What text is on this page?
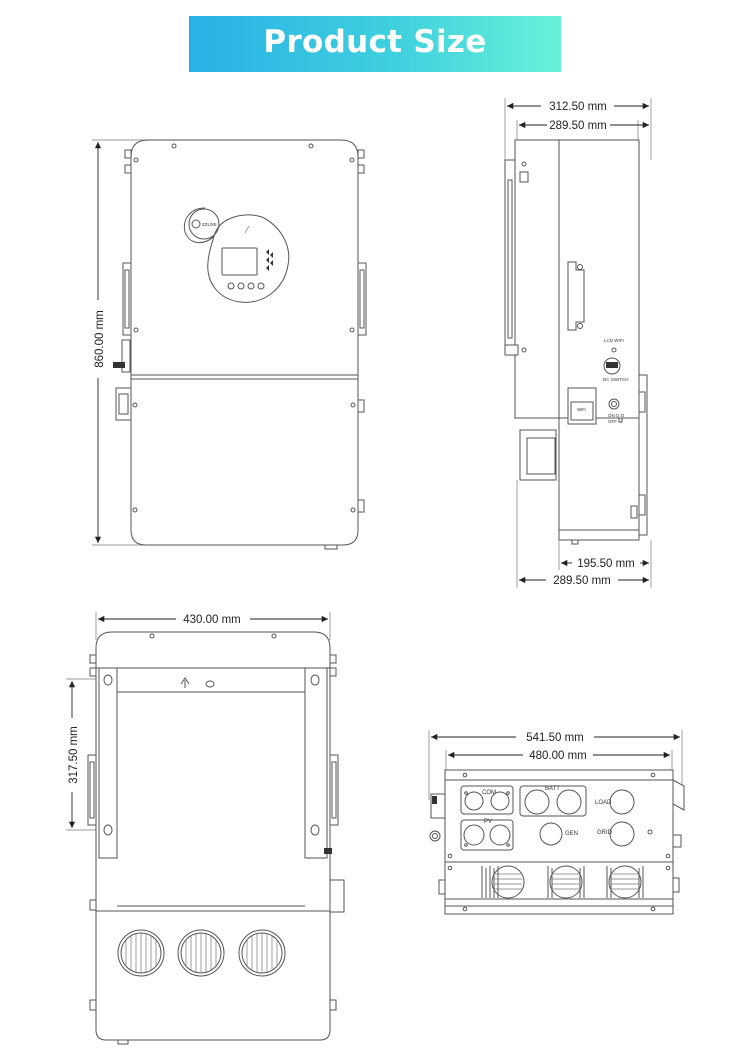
Product Size
860.00 mm
ZZUXE
312.50 mm
289.50 mm
LCD WIFI
DC SWITCH
WiFi
ON O.O
OFF
195.50 mm
289.50 mm
430.00 mm
317.50 mm	541.50 mm
480.00 mm
COM
BATT
LOAD
PV
GEN	GRID
